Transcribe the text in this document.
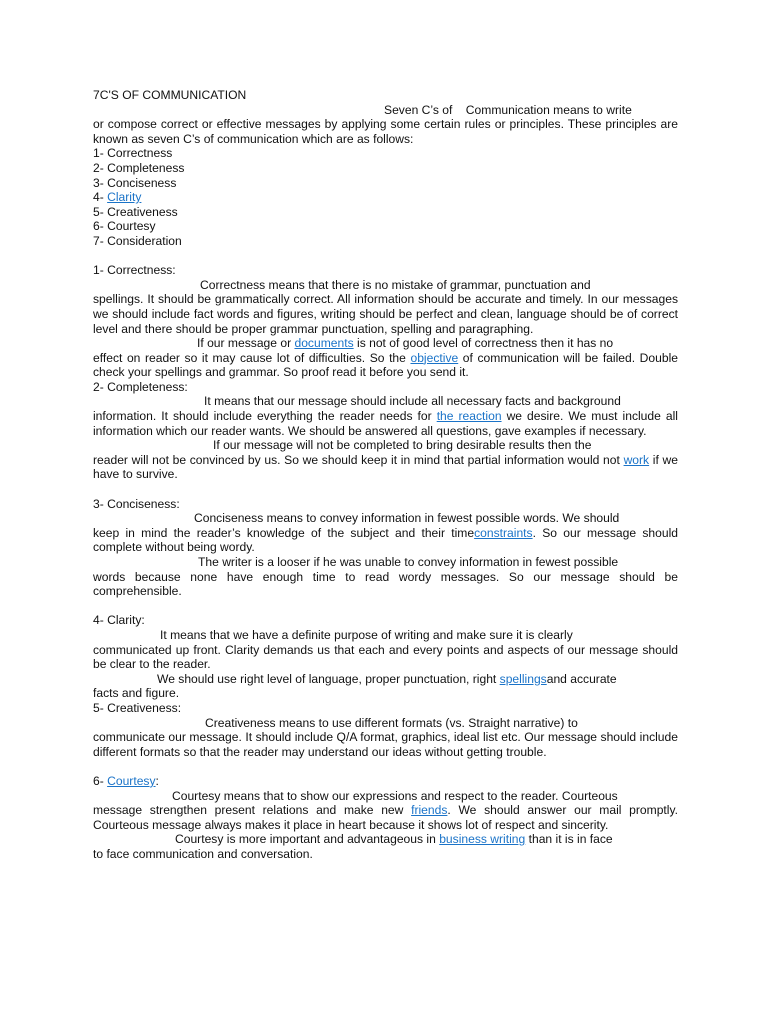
7C'S OF COMMUNICATION
Seven C’s of    Communication means to write
or compose correct or effective messages by applying some certain rules or principles. These principles are known as seven C’s of communication which are as follows:
1- Correctness
2- Completeness
3- Conciseness
4- Clarity
5- Creativeness
6- Courtesy
7- Consideration
1- Correctness:
Correctness means that there is no mistake of grammar, punctuation and
spellings. It should be grammatically correct. All information should be accurate and timely. In our messages we should include fact words and figures, writing should be perfect and clean, language should be of correct level and there should be proper grammar punctuation, spelling and paragraphing.
If our message or documents is not of good level of correctness then it has no
effect on reader so it may cause lot of difficulties. So the objective of communication will be failed. Double check your spellings and grammar. So proof read it before you send it.
2- Completeness:
It means that our message should include all necessary facts and background
information. It should include everything the reader needs for the reaction we desire. We must include all information which our reader wants. We should be answered all questions, gave examples if necessary.
If our message will not be completed to bring desirable results then the
reader will not be convinced by us. So we should keep it in mind that partial information would not work if we have to survive.
3- Conciseness:
Conciseness means to convey information in fewest possible words. We should
keep in mind the reader’s knowledge of the subject and their timeconstraints. So our message should complete without being wordy.
The writer is a looser if he was unable to convey information in fewest possible
words because none have enough time to read wordy messages. So our message should be comprehensible.
4- Clarity:
It means that we have a definite purpose of writing and make sure it is clearly
communicated up front. Clarity demands us that each and every points and aspects of our message should be clear to the reader.
We should use right level of language, proper punctuation, right spellingsand accurate
facts and figure.
5- Creativeness:
Creativeness means to use different formats (vs. Straight narrative) to
communicate our message. It should include Q/A format, graphics, ideal list etc. Our message should include different formats so that the reader may understand our ideas without getting trouble.
6- Courtesy:
Courtesy means that to show our expressions and respect to the reader. Courteous
message strengthen present relations and make new friends. We should answer our mail promptly. Courteous message always makes it place in heart because it shows lot of respect and sincerity.
Courtesy is more important and advantageous in business writing than it is in face
to face communication and conversation.
